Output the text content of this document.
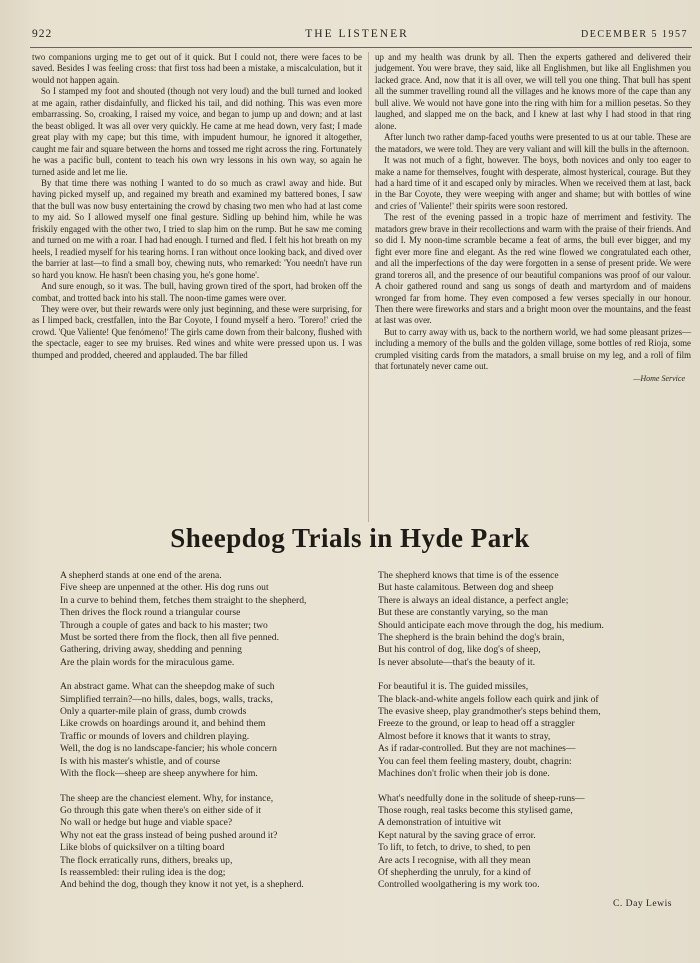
922	THE LISTENER	DECEMBER 5 1957

two companions urging me to get out of it quick. But I could not, there were faces to be saved. Besides I was feeling cross: that first toss had been a mistake, a miscalculation, but it would not happen again.

So I stamped my foot and shouted (though not very loud) and the bull turned and looked at me again, rather disdainfully, and flicked his tail, and did nothing. This was even more embarrassing. So, croaking, I raised my voice, and began to jump up and down; and at last the beast obliged. It was all over very quickly. He came at me head down, very fast; I made great play with my cape; but this time, with impudent humour, he ignored it altogether, caught me fair and square between the horns and tossed me right across the ring. Fortunately he was a pacific bull, content to teach his own wry lessons in his own way, so again he turned aside and let me lie.

By that time there was nothing I wanted to do so much as crawl away and hide. But having picked myself up, and regained my breath and examined my battered bones, I saw that the bull was now busy entertaining the crowd by chasing two men who had at last come to my aid. So I allowed myself one final gesture. Sidling up behind him, while he was friskily engaged with the other two, I tried to slap him on the rump. But he saw me coming and turned on me with a roar. I had had enough. I turned and fled. I felt his hot breath on my heels, I readied myself for his tearing horns. I ran without once looking back, and dived over the barrier at last—to find a small boy, chewing nuts, who remarked: 'You needn't have run so hard you know. He hasn't been chasing you, he's gone home'.

And sure enough, so it was. The bull, having grown tired of the sport, had broken off the combat, and trotted back into his stall. The noon-time games were over.

They were over, but their rewards were only just beginning, and these were surprising, for as I limped back, crestfallen, into the Bar Coyote, I found myself a hero. 'Torero!' cried the crowd. 'Que Valiente! Que fenómeno!' The girls came down from their balcony, flushed with the spectacle, eager to see my bruises. Red wines and white were pressed upon us. I was thumped and prodded, cheered and applauded. The bar filled

up and my health was drunk by all. Then the experts gathered and delivered their judgement. You were brave, they said, like all Englishmen, but like all Englishmen you lacked grace. And, now that it is all over, we will tell you one thing. That bull has spent all the summer travelling round all the villages and he knows more of the cape than any bull alive. We would not have gone into the ring with him for a million pesetas. So they laughed, and slapped me on the back, and I knew at last why I had stood in that ring alone.

After lunch two rather damp-faced youths were presented to us at our table. These are the matadors, we were told. They are very valiant and will kill the bulls in the afternoon.

It was not much of a fight, however. The boys, both novices and only too eager to make a name for themselves, fought with desperate, almost hysterical, courage. But they had a hard time of it and escaped only by miracles. When we received them at last, back in the Bar Coyote, they were weeping with anger and shame; but with bottles of wine and cries of 'Valiente!' their spirits were soon restored.

The rest of the evening passed in a tropic haze of merriment and festivity. The matadors grew brave in their recollections and warm with the praise of their friends. And so did I. My noon-time scramble became a feat of arms, the bull ever bigger, and my fight ever more fine and elegant. As the red wine flowed we congratulated each other, and all the imperfections of the day were forgotten in a sense of present pride. We were grand toreros all, and the presence of our beautiful companions was proof of our valour. A choir gathered round and sang us songs of death and martyrdom and of maidens wronged far from home. They even composed a few verses specially in our honour. Then there were fireworks and stars and a bright moon over the mountains, and the feast at last was over.

But to carry away with us, back to the northern world, we had some pleasant prizes—including a memory of the bulls and the golden village, some bottles of red Rioja, some crumpled visiting cards from the matadors, a small bruise on my leg, and a roll of film that fortunately never came out.

—Home Service
Sheepdog Trials in Hyde Park
A shepherd stands at one end of the arena.
Five sheep are unpenned at the other. His dog runs out
In a curve to behind them, fetches them straight to the shepherd,
Then drives the flock round a triangular course
Through a couple of gates and back to his master; two
Must be sorted there from the flock, then all five penned.
Gathering, driving away, shedding and penning
Are the plain words for the miraculous game.
An abstract game. What can the sheepdog make of such
Simplified terrain?—no hills, dales, bogs, walls, tracks,
Only a quarter-mile plain of grass, dumb crowds
Like crowds on hoardings around it, and behind them
Traffic or mounds of lovers and children playing.
Well, the dog is no landscape-fancier; his whole concern
Is with his master's whistle, and of course
With the flock—sheep are sheep anywhere for him.
The sheep are the chanciest element. Why, for instance,
Go through this gate when there's on either side of it
No wall or hedge but huge and viable space?
Why not eat the grass instead of being pushed around it?
Like blobs of quicksilver on a tilting board
The flock erratically runs, dithers, breaks up,
Is reassembled: their ruling idea is the dog;
And behind the dog, though they know it not yet, is a shepherd.
The shepherd knows that time is of the essence
But haste calamitous. Between dog and sheep
There is always an ideal distance, a perfect angle;
But these are constantly varying, so the man
Should anticipate each move through the dog, his medium.
The shepherd is the brain behind the dog's brain,
But his control of dog, like dog's of sheep,
Is never absolute—that's the beauty of it.
For beautiful it is. The guided missiles,
The black-and-white angels follow each quirk and jink of
The evasive sheep, play grandmother's steps behind them,
Freeze to the ground, or leap to head off a straggler
Almost before it knows that it wants to stray,
As if radar-controlled. But they are not machines—
You can feel them feeling mastery, doubt, chagrin:
Machines don't frolic when their job is done.
What's needfully done in the solitude of sheep-runs—
Those rough, real tasks become this stylised game,
A demonstration of intuitive wit
Kept natural by the saving grace of error.
To lift, to fetch, to drive, to shed, to pen
Are acts I recognise, with all they mean
Of shepherding the unruly, for a kind of
Controlled woolgathering is my work too.
C. Day Lewis
